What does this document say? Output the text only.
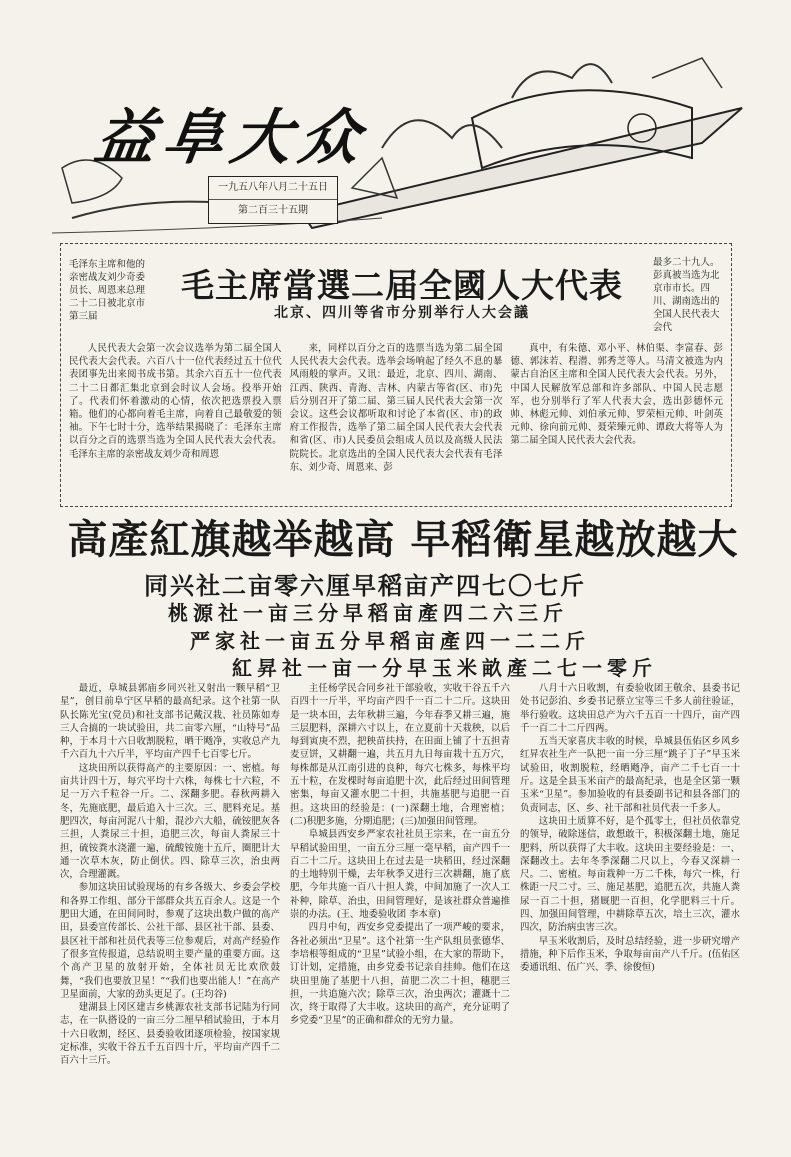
益阜大众
一九五八年八月二十五日
第二百三十五期
毛泽东主席和他的亲密战友刘少奇委员长、周恩来总理二十二日被北京市第三届
毛主席當選二届全國人大代表
北京、四川等省市分别举行人大会議
最多二十九人。彭真被当选为北京市市长。四川、湖南选出的全国人民代表大会代
人民代表大会第一次会议选举为第二届全国人民代表大会代表。六百八十一位代表经过五十位代表团事先出来阅书成书第。其余六百五十一位代表二十二日都汇集北京到会时议人会场。投举开始了。代表们怀着激动的心情，依次把选票投入票箱。他们的心都向着毛主席，向着自己最敬爱的领袖。下午七时十分，选举结果揭晓了：毛泽东主席以百分之百的选票当选为全国人民代表大会代表。毛泽东主席的亲密战友刘少奇和周恩
来，同样以百分之百的选票当选为第二届全国人民代表大会代表。选举会场响起了经久不息的暴风雨般的掌声。又讯：最近，北京、四川、湖南、江西、陕西、青海、吉林、内蒙古等省(区、市)先后分别召开了第二届、第三届人民代表大会第一次会议。这些会议都听取和讨论了本省(区、市)的政府工作报告，选举了第二届全国人民代表大会代表和省(区、市)人民委员会组成人员以及高级人民法院院长。北京选出的全国人民代表大会代表有毛泽东、刘少奇、周恩来、彭
真中，有朱德、邓小平、林伯渠、李富春、彭德、郭沫若、程潜、郭秀芝等人。马清文被选为内蒙古自治区主席和全国人民代表大会代表。另外，中国人民解放军总部和许多部队、中国人民志愿军，也分别举行了军人代表大会，选出彭德怀元帅、林彪元帅、刘伯承元帅、罗荣桓元帅、叶剑英元帅、徐向前元帅、聂荣臻元帅、谭政大将等人为第二届全国人民代表大会代表。
高產紅旗越举越高 早稻衛星越放越大
同兴社二亩零六厘早稻亩产四七〇七斤
桃源社一亩三分早稻亩產四二六三斤
严家社一亩五分早稻亩產四一二二斤
紅昇社一亩一分早玉米畝產二七一零斤

最近，阜城县郭庙乡同兴社又射出一颗早稻“卫星”，创目前阜宁区早稻的最高纪录。这个社第一队队长陈光宝(党员)和社支部书记戴汉栽、社员陈如寿三人合搞的一块试验田，共二亩零六厘，“山特号”品种，于本月十六日收割脱粒，晒干飏净，实收总产九千六百九十六斤半，平均亩产四千七百零七斤。

这块田所以获得高产的主要原因：一、密植。每亩共计四十万，每穴平均十六株，每株七十六粒，不足一万六千粒谷一斤。二、深翻多肥。春秋两耕入冬，先施底肥，最后追入十三次。三、肥料充足。基肥四次，每亩河泥八十船，混沙六大船，硫铵肥灰各三担，人粪尿三十担，追肥三次，每亩人粪尿三十担，硫铵粪水浇灌一遍，硫酸铵施十五斤，圈肥计大通一次草木灰，防止倒伏。四、除草三次，治虫两次，合理灌溉。

参加这块田试验现场的有乡各级大、乡委会学校和各界工作组、部分干部群众共五百余人。这是一个肥田大通，在田间同时，参观了这块出数户做的高产田，县委宣传部长、公社干部、县区社干部、县委、县区社干部和社员代表等三位参观后，对高产经验作了很多宣传报道，总结说明主要产量的重要方面。这个高产卫星的放射开始，全体社员无比欢欣鼓舞，“我们也要放卫星！”“我们也要出能人！”在高产卫星面前，大家的劲头更足了。(王均谷)

建湖县上冈区建吉乡桃源农社支部书记陆为行同志，在一队搭设的一亩三分二厘早稻试验田，于本月十六日收割，经区、县委验收团逐项检验，按国家规定标准，实收干谷五千五百四十斤，平均亩产四千二百六十三斤。

主任杨学民合同乡社干部验收，实收干谷五千六百四十一斤半，平均亩产四千一百二十二斤。这块田是一块本田，去年秋耕三遍，今年春季又耕三遍，施三层肥料，深耕六寸以上，在立夏前十天栽秧，以后每到寅庚不烈，把秧苗扶持，在田面上铺了十五担青麦豆饼，又耕翻一遍，共五月九日每亩栽十五万穴，每株都是从江南引进的良种，每穴七株多，每株平均五十粒，在发棵时每亩追肥十次，此后经过田间管理密集，每亩又灌水肥二十担，共施基肥与追肥一百担。这块田的经验是：(一)深翻土地，合理密植；(二)积肥多施，分期追肥；(三)加强田间管理。

阜城县西安乡严家农社社员王宗来，在一亩五分早稻试验田里，一亩五分三厘一毫早稻，亩产四千一百二十二斤。这块田上在过去是一块稻田，经过深翻的土地特别干燥，去年秋季又进行三次耕翻，施了底肥，今年共施一百八十担人粪，中间加施了一次人工补种，除草、治虫，田间管理好，是该社群众普遍推崇的办法。(王、地委验收团 李本章)

四月中旬，西安乡党委提出了一项严峻的要求，各社必须出“卫星”。这个社第一生产队组员张德华、李培根等组成的“卫星”试验小组，在大家的帮助下，订计划，定措施，由乡党委书记亲自挂帅。他们在这块田里施了基肥十八担，苗肥二次二十担，穗肥三担，一共追施六次；除草三次，治虫两次；灌溉十二次，终于取得了大丰收。这块田的高产，充分证明了乡党委“卫星”的正确和群众的无穷力量。

八月十六日收割，有委验收团王敬余、县委书记处书记彭泊、乡委书记蔡立宝等三千多人前往验证，举行验收。这块田总产为六千五百一十四斤，亩产四千一百二十二斤四两。

五当天家喜庆丰收的时候，阜城县伍佑区乡风乡红昇农社生产一队把一亩一分三厘“跳子丁子”早玉米试验田，收割脱粒，经晒飏净，亩产二千七百一十斤。这是全县玉米亩产的最高纪录，也是全区第一颗玉米“卫星”。参加验收的有县委副书记和县各部门的负责同志，区、乡、社干部和社员代表一千多人。

这块田土质算不好，是个孤零土，但社员依靠党的领导，破除迷信，敢想敢干，积极深翻土地，施足肥料，所以获得了大丰收。这块田主要经验是：一、深翻改土。去年冬季深翻二尺以上，今春又深耕一尺。二、密植。每亩栽种一万二千株，每穴一株，行株距一尺二寸。三、施足基肥，追肥五次，共施人粪尿一百二十担，猪厩肥一百担，化学肥料三十斤。四、加强田间管理，中耕除草五次，培土三次，灌水四次，防治病虫害三次。

早玉米收割后，及时总结经验，进一步研究增产措施，种下后作玉米，争取每亩亩产八千斤。(伍佑区委通讯组、伍广兴、季、徐俊恒)
